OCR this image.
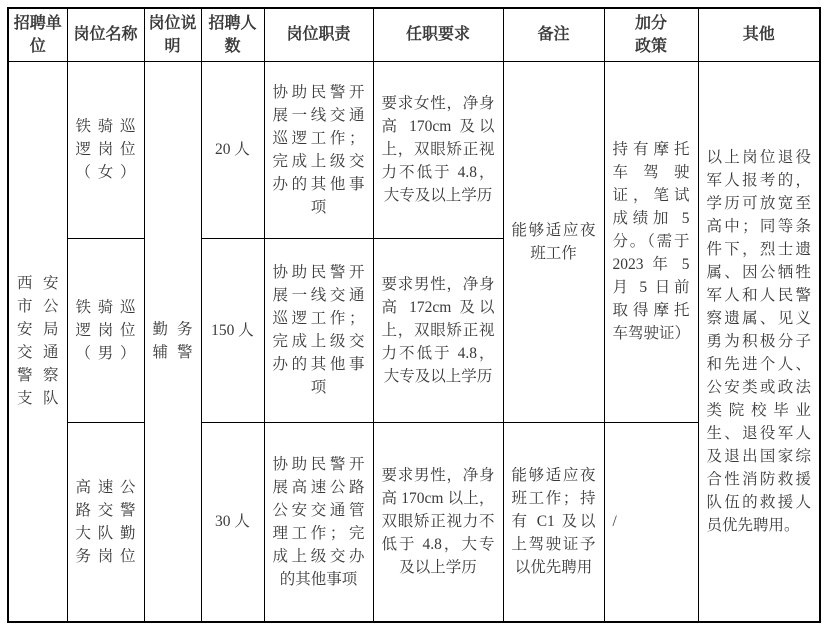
招聘单位	岗位名称	岗位说明	招聘人数	岗位职责	任职要求	备注	加分政策	其他
西安市公安局交通警察支队	铁骑巡逻岗位（女）	勤务辅警	20 人	协助民警开展一线交通巡逻工作；完成上级交办的其他事项	要求女性，净身高 170cm 及以上，双眼矫正视力不低于 4.8，大专及以上学历	能够适应夜班工作	持有摩托车驾驶证，笔试成绩加 5 分。（需于 2023 年 5 月 5 日前取得摩托车驾驶证）	以上岗位退役军人报考的，学历可放宽至高中；同等条件下，烈士遗属、因公牺牲军人和人民警察遗属、见义勇为积极分子和先进个人、公安类或政法类院校毕业生、退役军人及退出国家综合性消防救援队伍的救援人员优先聘用。
	铁骑巡逻岗位（男）		150 人	协助民警开展一线交通巡逻工作；完成上级交办的其他事项	要求男性，净身高 172cm 及以上，双眼矫正视力不低于 4.8，大专及以上学历			
	高速公路交警大队勤务岗位		30 人	协助民警开展高速公路公安交通管理工作；完成上级交办的其他事项	要求男性，净身高 170cm 以上，双眼矫正视力不低于 4.8，大专及以上学历	能够适应夜班工作；持有 C1 及以上驾驶证予以优先聘用	/	
